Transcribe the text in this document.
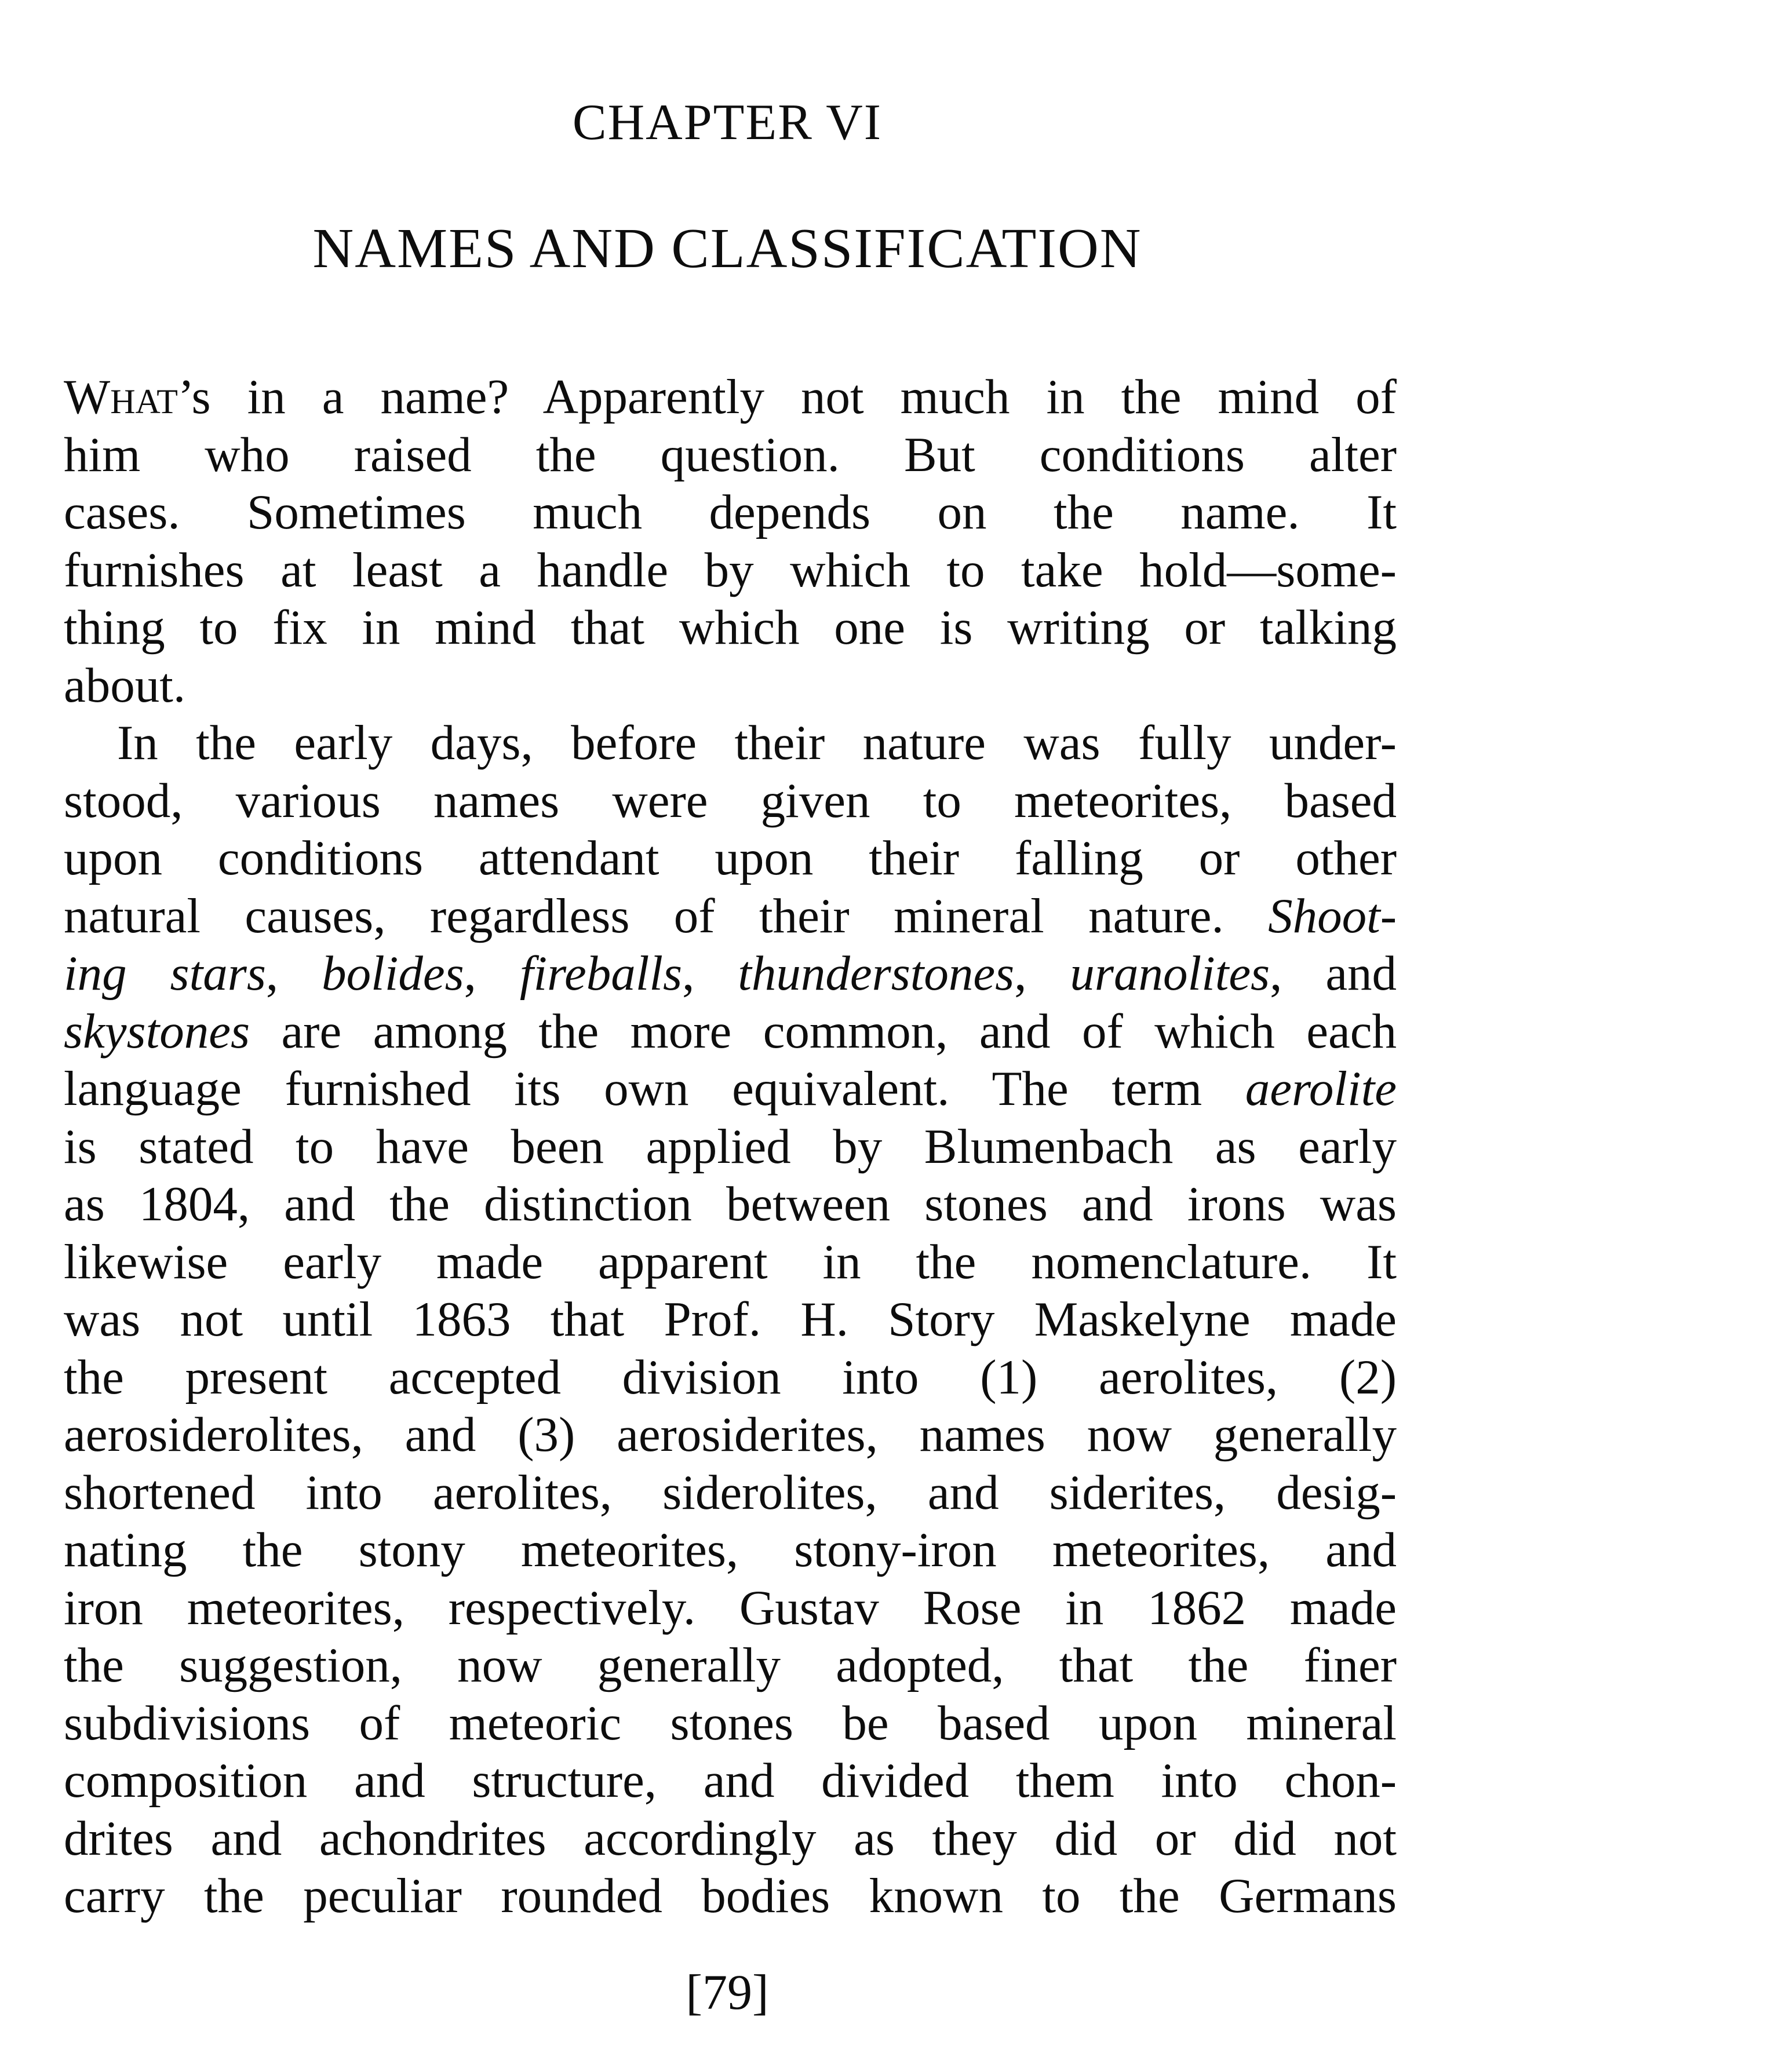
CHAPTER VI
NAMES AND CLASSIFICATION
What’s in a name? Apparently not much in the mind of
him who raised the question. But conditions alter
cases. Sometimes much depends on the name. It
furnishes at least a handle by which to take hold—some-
thing to fix in mind that which one is writing or talking
about.
In the early days, before their nature was fully under-
stood, various names were given to meteorites, based
upon conditions attendant upon their falling or other
natural causes, regardless of their mineral nature. Shoot-
ing stars, bolides, fireballs, thunderstones, uranolites, and
skystones are among the more common, and of which each
language furnished its own equivalent. The term aerolite
is stated to have been applied by Blumenbach as early
as 1804, and the distinction between stones and irons was
likewise early made apparent in the nomenclature. It
was not until 1863 that Prof. H. Story Maskelyne made
the present accepted division into (1) aerolites, (2)
aerosiderolites, and (3) aerosiderites, names now generally
shortened into aerolites, siderolites, and siderites, desig-
nating the stony meteorites, stony-iron meteorites, and
iron meteorites, respectively. Gustav Rose in 1862 made
the suggestion, now generally adopted, that the finer
subdivisions of meteoric stones be based upon mineral
composition and structure, and divided them into chon-
drites and achondrites accordingly as they did or did not
carry the peculiar rounded bodies known to the Germans
[79]
